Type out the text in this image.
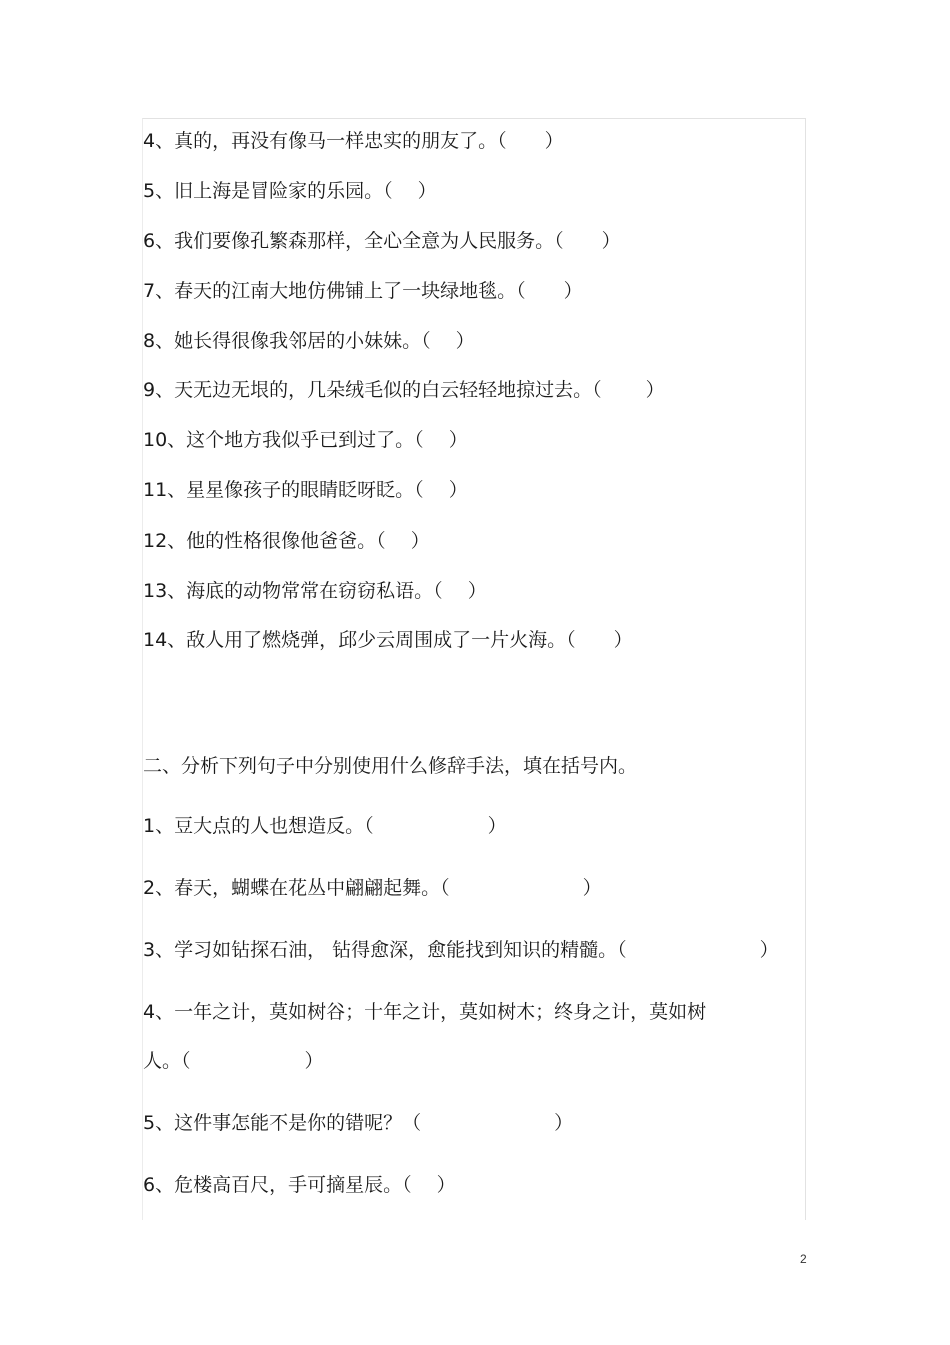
4、真的，再没有像马一样忠实的朋友了。（　　）
5、旧上海是冒险家的乐园。（　 ）
6、我们要像孔繁森那样，全心全意为人民服务。（　　）
7、春天的江南大地仿佛铺上了一块绿地毯。（　　）
8、她长得很像我邻居的小妹妹。（　 ）
9、天无边无垠的，几朵绒毛似的白云轻轻地掠过去。（　　 ）
10、这个地方我似乎已到过了。（　 ）
11、星星像孩子的眼睛眨呀眨。（　 ）
12、他的性格很像他爸爸。（　 ）
13、海底的动物常常在窃窃私语。（　 ）
14、敌人用了燃烧弹，邱少云周围成了一片火海。（　　）
二、分析下列句子中分别使用什么修辞手法，填在括号内。
1、豆大点的人也想造反。（　　　　　　）
2、春天，蝴蝶在花丛中翩翩起舞。（　　　　　　　）
3、学习如钻探石油， 钻得愈深，愈能找到知识的精髓。（　　　　　　　）
4、一年之计，莫如树谷；十年之计，莫如树木；终身之计，莫如树
人。（　　　　　　）
5、这件事怎能不是你的错呢？（　　　　　　　）
6、危楼高百尺，手可摘星辰。（　 ）
2
